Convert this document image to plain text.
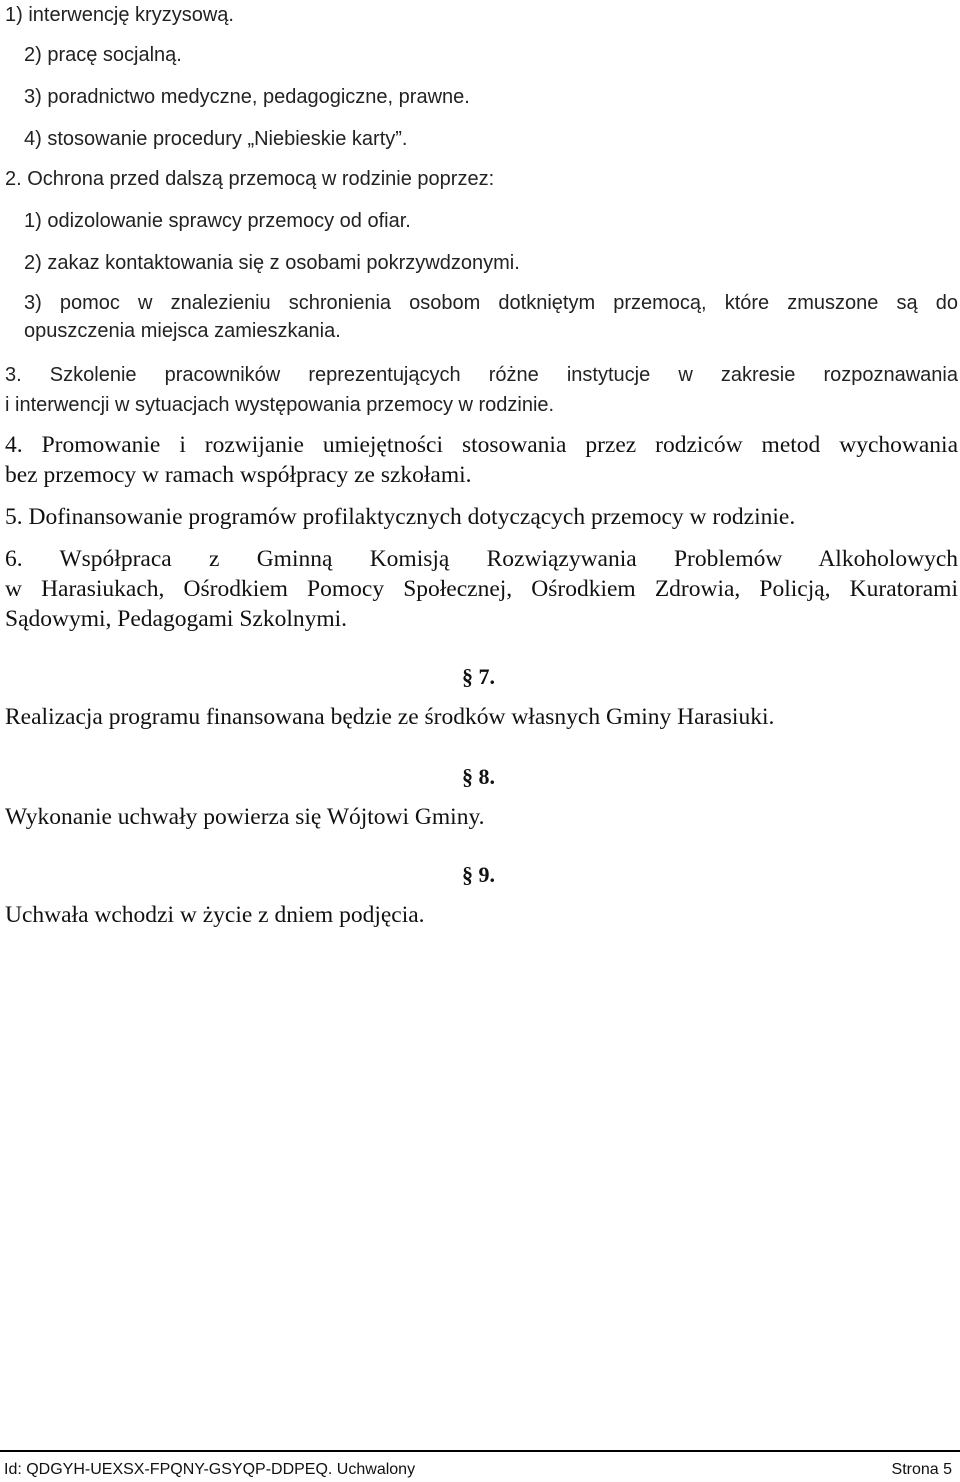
1) interwencję kryzysową.
2) pracę socjalną.
3) poradnictwo medyczne, pedagogiczne, prawne.
4) stosowanie procedury „Niebieskie karty”.
2. Ochrona przed dalszą przemocą w rodzinie poprzez:
1) odizolowanie sprawcy przemocy od ofiar.
2) zakaz kontaktowania się z osobami pokrzywdzonymi.
3) pomoc w znalezieniu schronienia osobom dotkniętym przemocą, które zmuszone są do
opuszczenia miejsca zamieszkania.
3. Szkolenie pracowników reprezentujących różne instytucje w zakresie rozpoznawania
i interwencji w sytuacjach występowania przemocy w rodzinie.
4. Promowanie i rozwijanie umiejętności stosowania przez rodziców metod wychowania
bez przemocy w ramach współpracy ze szkołami.
5. Dofinansowanie programów profilaktycznych dotyczących przemocy w rodzinie.
6. Współpraca z Gminną Komisją Rozwiązywania Problemów Alkoholowych
w Harasiukach, Ośrodkiem Pomocy Społecznej, Ośrodkiem Zdrowia, Policją, Kuratorami
Sądowymi, Pedagogami Szkolnymi.
§ 7.
Realizacja programu finansowana będzie ze środków własnych Gminy Harasiuki.
§ 8.
Wykonanie uchwały powierza się Wójtowi Gminy.
§ 9.
Uchwała wchodzi w życie z dniem podjęcia.
Id: QDGYH-UEXSX-FPQNY-GSYQP-DDPEQ. Uchwalony	Strona 5
